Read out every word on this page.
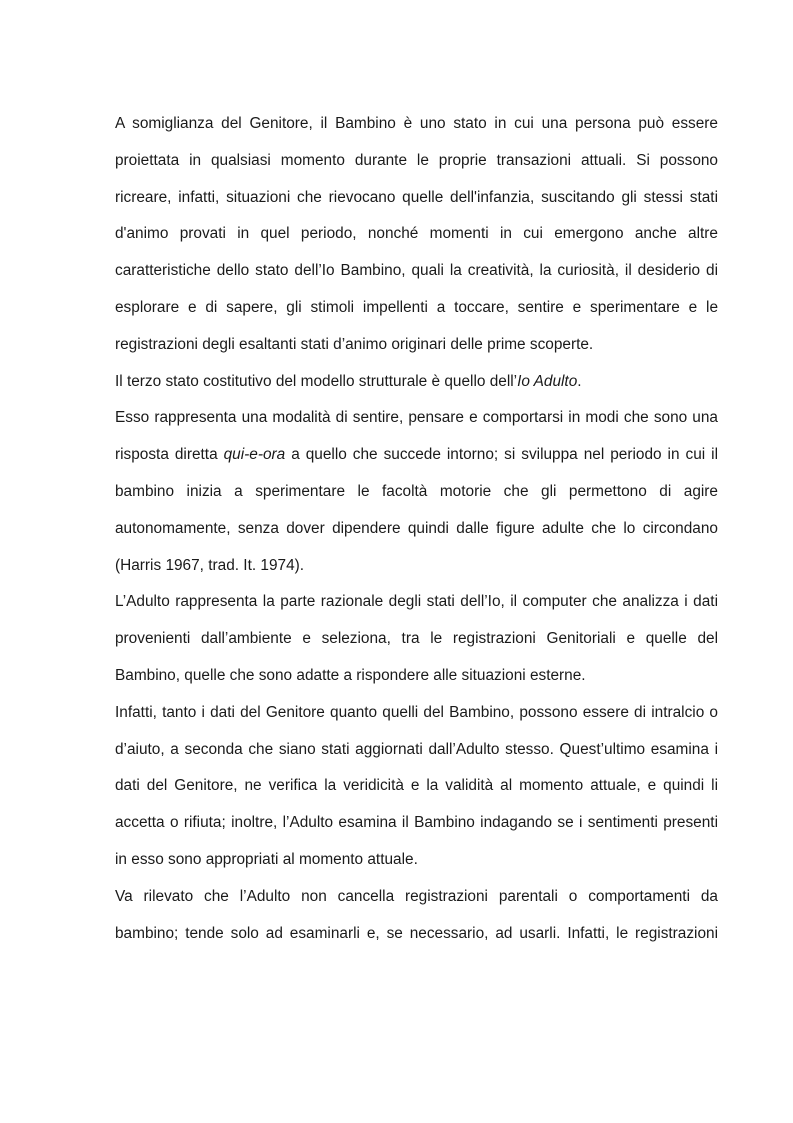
A somiglianza del Genitore, il Bambino è uno stato in cui una persona può essere proiettata in qualsiasi momento durante le proprie transazioni attuali. Si possono ricreare, infatti, situazioni che rievocano quelle dell'infanzia, suscitando gli stessi stati d'animo provati in quel periodo, nonché momenti in cui emergono anche altre caratteristiche dello stato dell’Io Bambino, quali la creatività, la curiosità, il desiderio di esplorare e di sapere, gli stimoli impellenti a toccare, sentire e sperimentare e le registrazioni degli esaltanti stati d’animo originari delle prime scoperte.

Il terzo stato costitutivo del modello strutturale è quello dell’Io Adulto.

Esso rappresenta una modalità di sentire, pensare e comportarsi in modi che sono una risposta diretta qui-e-ora a quello che succede intorno; si sviluppa nel periodo in cui il bambino inizia a sperimentare le facoltà motorie che gli permettono di agire autonomamente, senza dover dipendere quindi dalle figure adulte che lo circondano (Harris 1967, trad. It. 1974).

L’Adulto rappresenta la parte razionale degli stati dell’Io, il computer che analizza i dati provenienti dall’ambiente e seleziona, tra le registrazioni Genitoriali e quelle del Bambino, quelle che sono adatte a rispondere alle situazioni esterne.

Infatti, tanto i dati del Genitore quanto quelli del Bambino, possono essere di intralcio o d’aiuto, a seconda che siano stati aggiornati dall’Adulto stesso. Quest’ultimo esamina i dati del Genitore, ne verifica la veridicità e la validità al momento attuale, e quindi li accetta o rifiuta; inoltre, l’Adulto esamina il Bambino indagando se i sentimenti presenti in esso sono appropriati al momento attuale.

Va rilevato che l’Adulto non cancella registrazioni parentali o comportamenti da bambino; tende solo ad esaminarli e, se necessario, ad usarli. Infatti, le registrazioni
